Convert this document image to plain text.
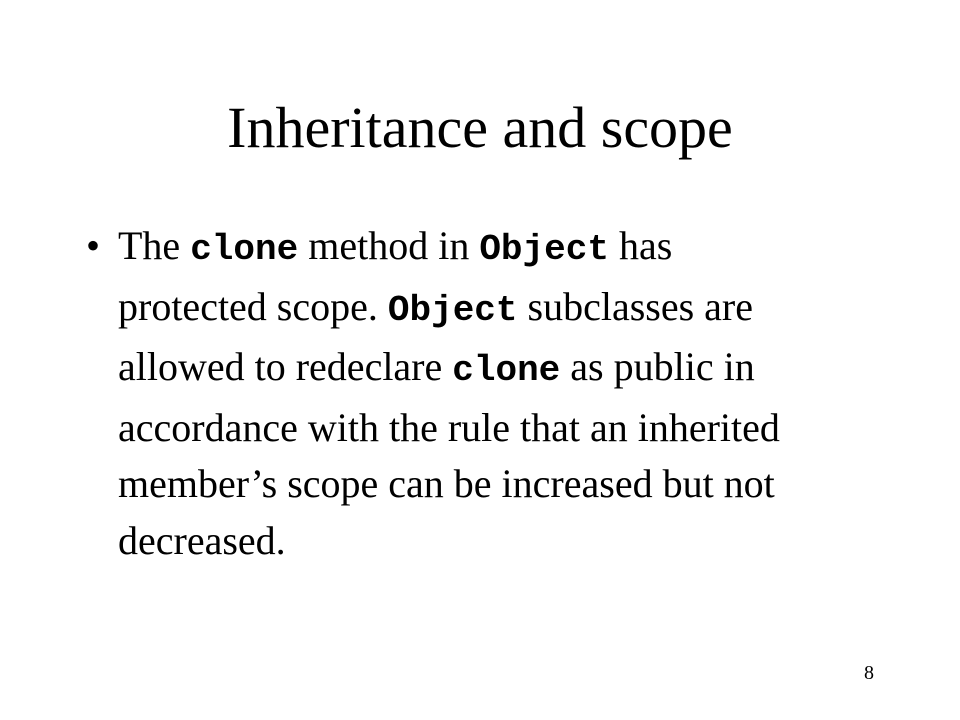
Inheritance and scope
• The clone method in Object has
protected scope. Object subclasses are
allowed to redeclare clone as public in
accordance with the rule that an inherited
member’s scope can be increased but not
decreased.
8
